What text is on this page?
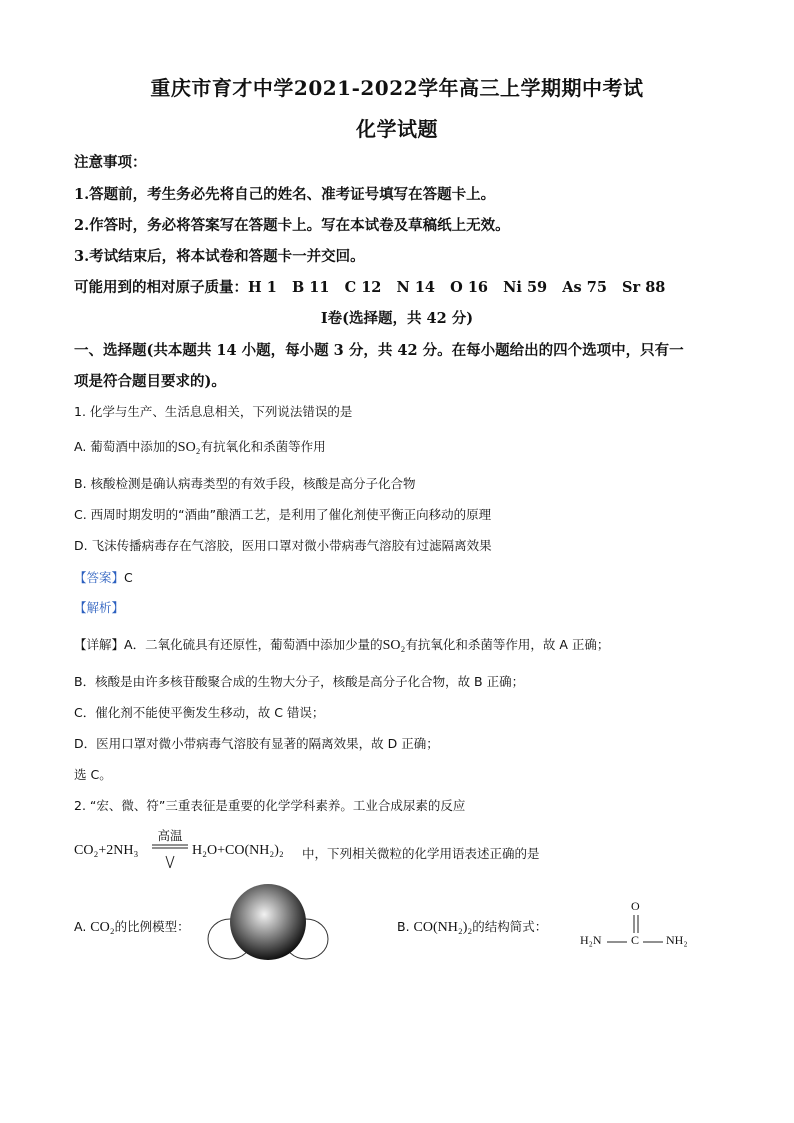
重庆市育才中学2021-2022学年高三上学期期中考试
化学试题
注意事项：
1.答题前，考生务必先将自己的姓名、准考证号填写在答题卡上。
2.作答时，务必将答案写在答题卡上。写在本试卷及草稿纸上无效。
3.考试结束后，将本试卷和答题卡一并交回。
可能用到的相对原子质量：H 1   B 11   C 12   N 14   O 16   Ni 59   As 75   Sr 88
Ⅰ卷(选择题，共 42 分)
一、选择题(共本题共 14 小题，每小题 3 分，共 42 分。在每小题给出的四个选项中，只有一
项是符合题目要求的)。
1. 化学与生产、生活息息相关，下列说法错误的是
A. 葡萄酒中添加的SO₂有抗氧化和杀菌等作用
B. 核酸检测是确认病毒类型的有效手段，核酸是高分子化合物
C. 西周时期发明的“酒曲”酿酒工艺，是利用了催化剂使平衡正向移动的原理
D. 飞沫传播病毒存在气溶胶，医用口罩对微小带病毒气溶胶有过滤隔离效果
【答案】C
【解析】
【详解】A．二氧化硫具有还原性，葡萄酒中添加少量的SO₂有抗氧化和杀菌等作用，故 A 正确；
B．核酸是由许多核苷酸聚合成的生物大分子，核酸是高分子化合物，故 B 正确；
C．催化剂不能使平衡发生移动，故 C 错误；
D．医用口罩对微小带病毒气溶胶有显著的隔离效果，故 D 正确；
选 C。
2. “宏、微、符”三重表征是重要的化学学科素养。工业合成尿素的反应
CO₂+2NH₃
高温
H₂O+CO(NH₂)₂ 中，下列相关微粒的化学用语表述正确的是
A. CO₂的比例模型：	B. CO(NH₂)₂的结构简式：
O
H₂N C NH₂
